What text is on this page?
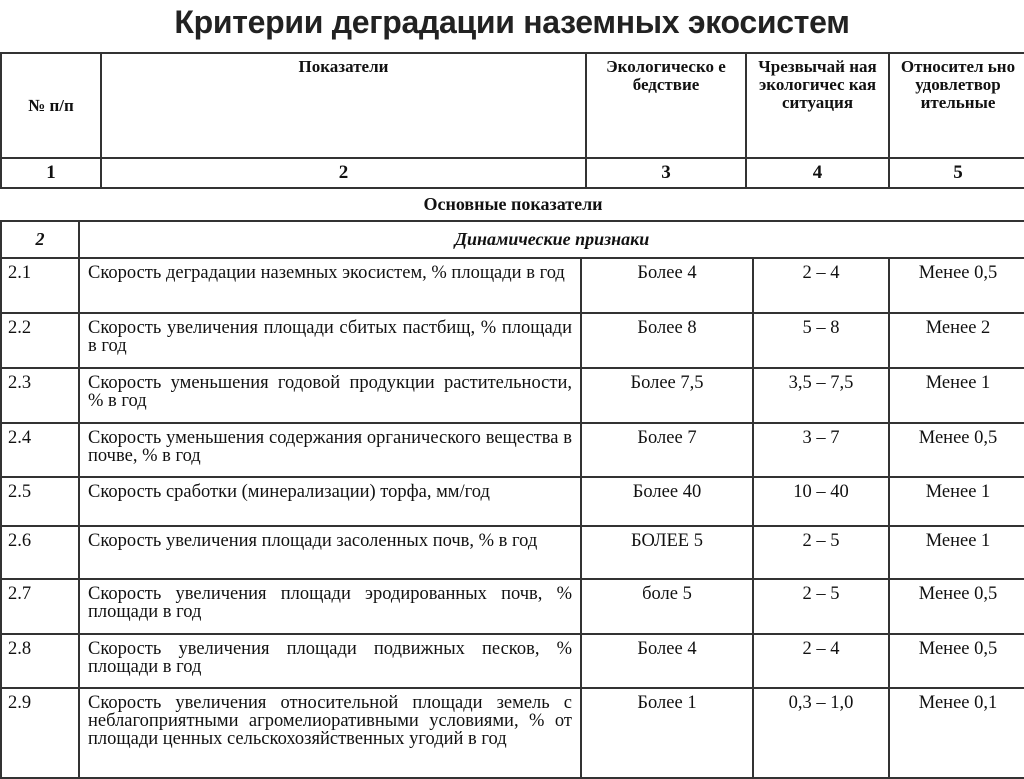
Критерии деградации наземных экосистем
№ п/п	Показатели	Экологическо е бедствие	Чрезвычай ная экологичес кая ситуация	Относител ьно удовлетвор ительные
1	2	3	4	5
Основные показатели
2	Динамические признаки
2.1	Скорость деградации наземных экосистем, % площади в год	Более 4	2 – 4	Менее 0,5
2.2	Скорость увеличения площади сбитых пастбищ, % площади в год	Более 8	5 – 8	Менее 2
2.3	Скорость уменьшения годовой продукции растительности, % в год	Более 7,5	3,5 – 7,5	Менее 1
2.4	Скорость уменьшения содержания органического вещества в почве, % в год	Более 7	3 – 7	Менее 0,5
2.5	Скорость сработки (минерализации) торфа, мм/год	Более 40	10 – 40	Менее 1
2.6	Скорость увеличения площади засоленных почв, % в год	БОЛЕЕ 5	2 – 5	Менее 1
2.7	Скорость увеличения площади эродированных почв, % площади в год	боле 5	2 – 5	Менее 0,5
2.8	Скорость увеличения площади подвижных песков, % площади в год	Более 4	2 – 4	Менее 0,5
2.9	Скорость увеличения относительной площади земель с неблагоприятными агромелиоративными условиями, % от площади ценных сельскохозяйственных угодий в год	Более 1	0,3 – 1,0	Менее 0,1
